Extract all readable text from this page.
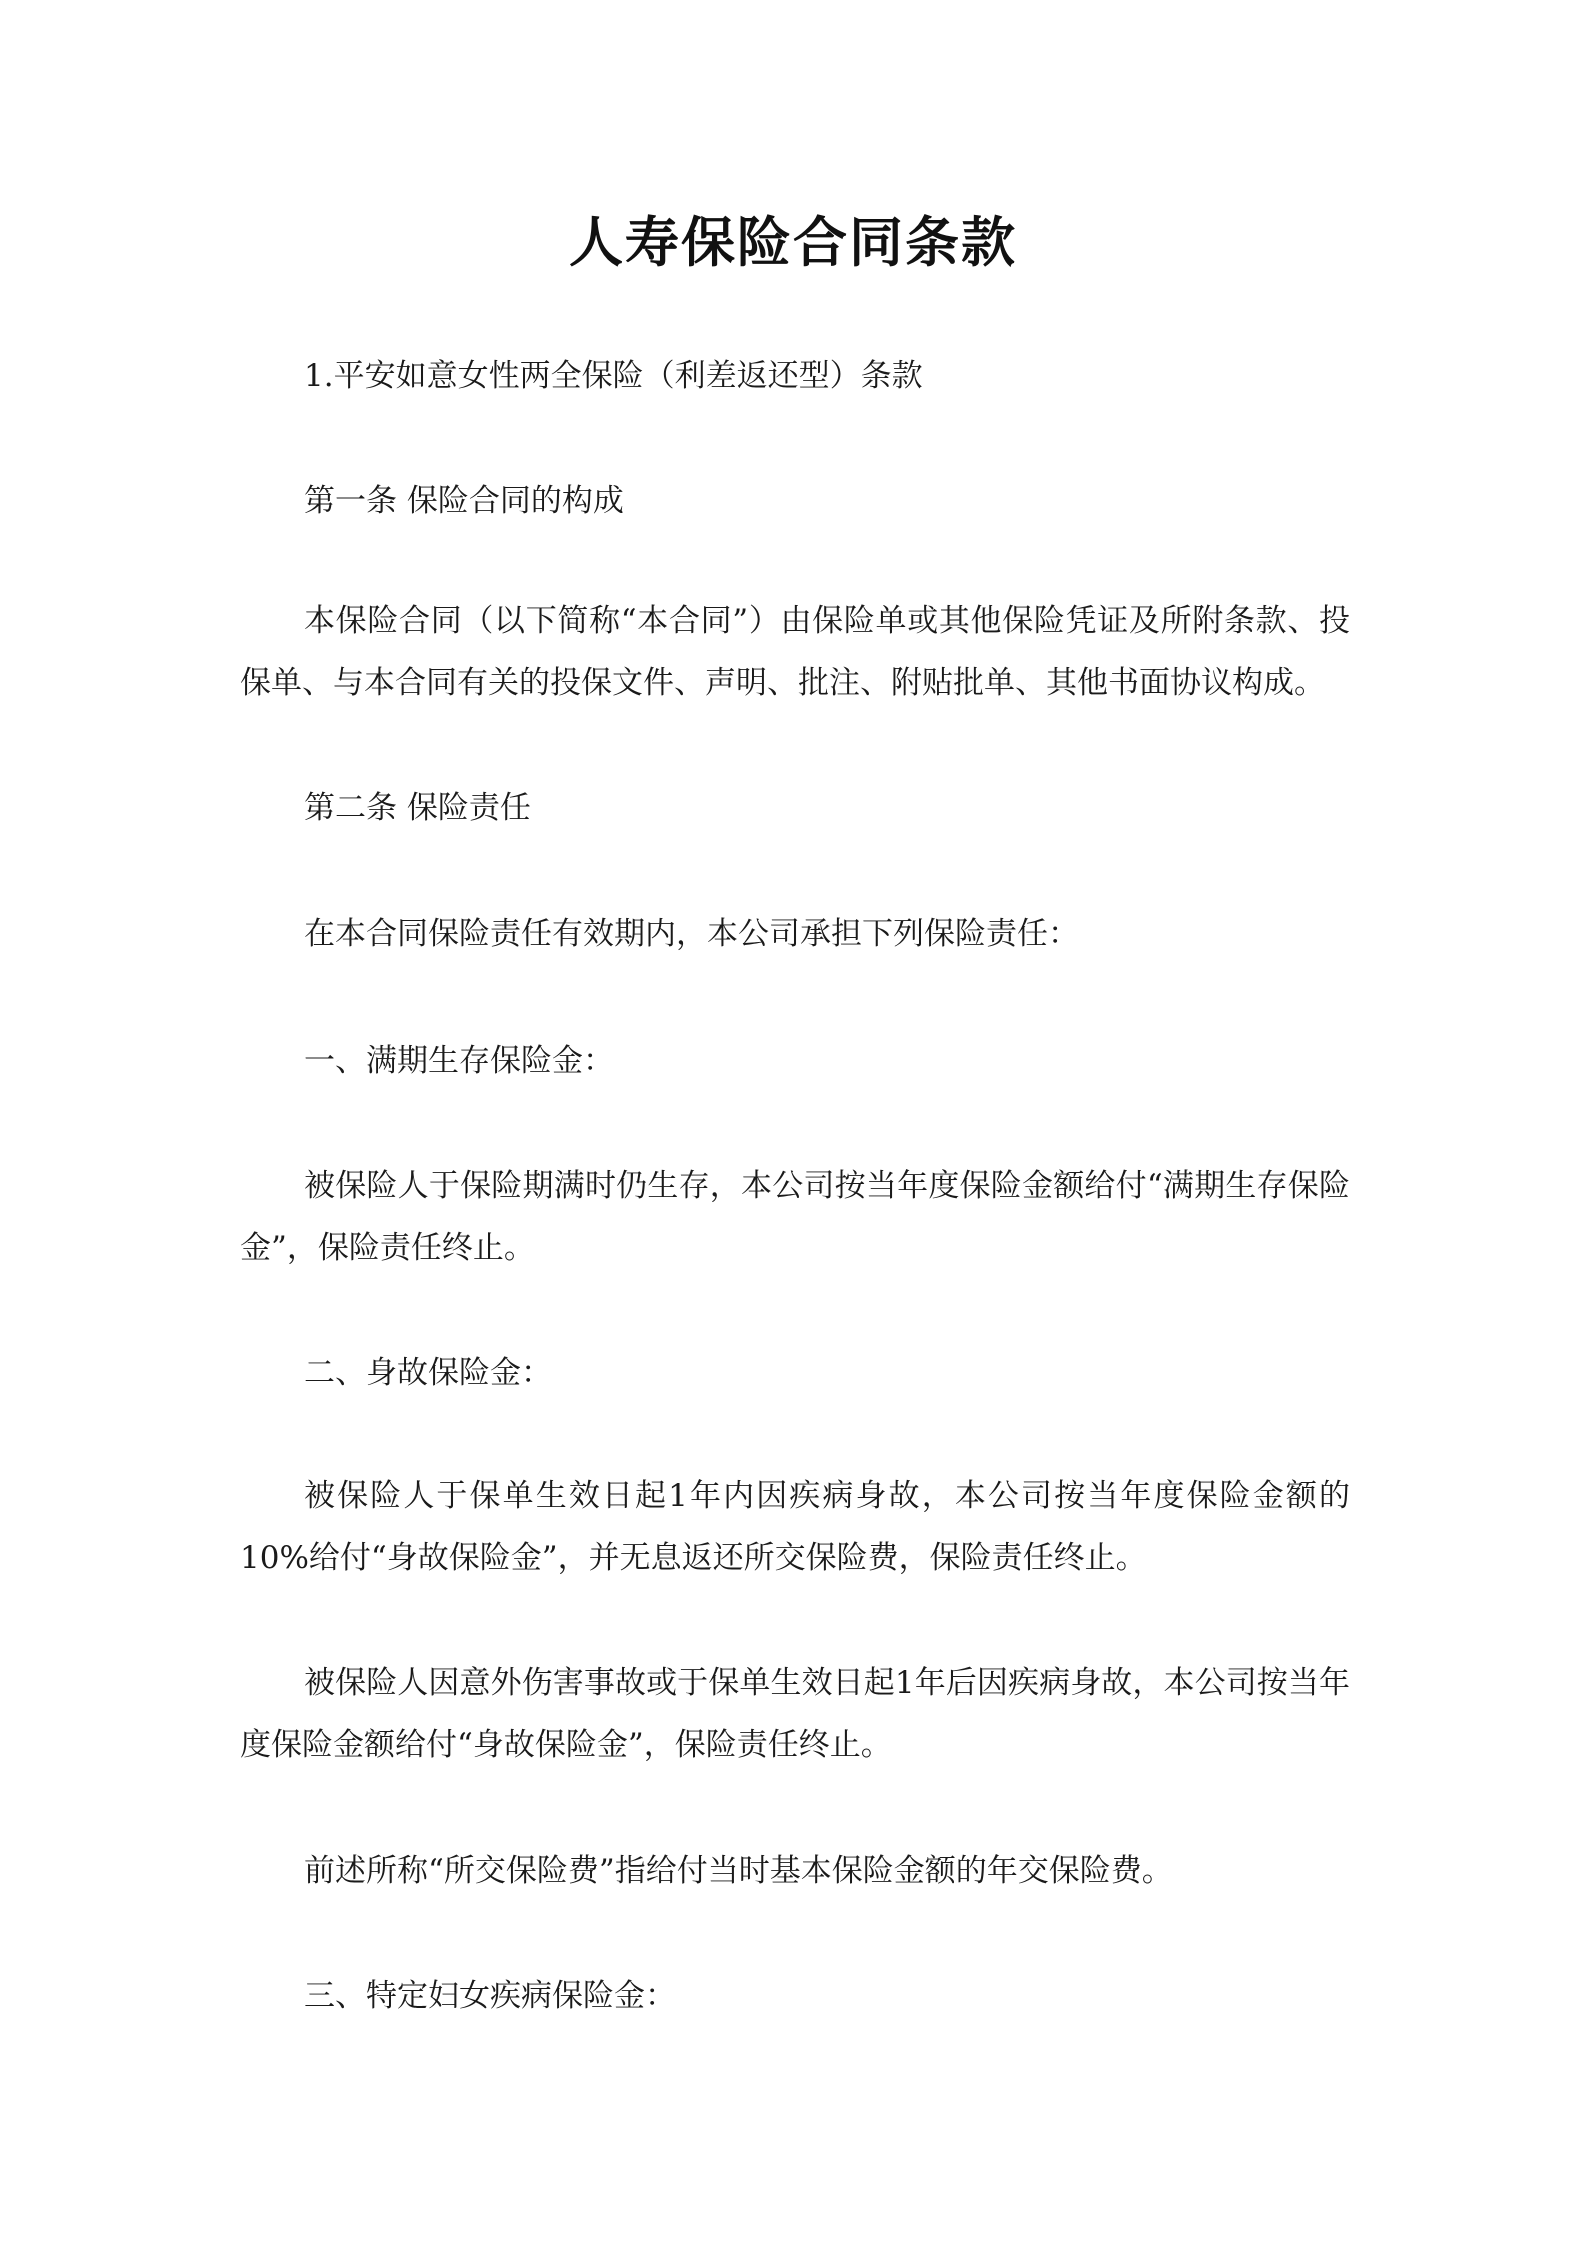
人寿保险合同条款

1.平安如意女性两全保险（利差返还型）条款

第一条 保险合同的构成

本保险合同（以下简称“本合同”）由保险单或其他保险凭证及所附条款、投保单、与本合同有关的投保文件、声明、批注、附贴批单、其他书面协议构成。

第二条 保险责任

在本合同保险责任有效期内，本公司承担下列保险责任：

一、满期生存保险金：

被保险人于保险期满时仍生存，本公司按当年度保险金额给付“满期生存保险金”，保险责任终止。

二、身故保险金：

被保险人于保单生效日起1年内因疾病身故，本公司按当年度保险金额的 10%给付“身故保险金”，并无息返还所交保险费，保险责任终止。

被保险人因意外伤害事故或于保单生效日起1年后因疾病身故，本公司按当年度保险金额给付“身故保险金”，保险责任终止。

前述所称“所交保险费”指给付当时基本保险金额的年交保险费。

三、特定妇女疾病保险金：
